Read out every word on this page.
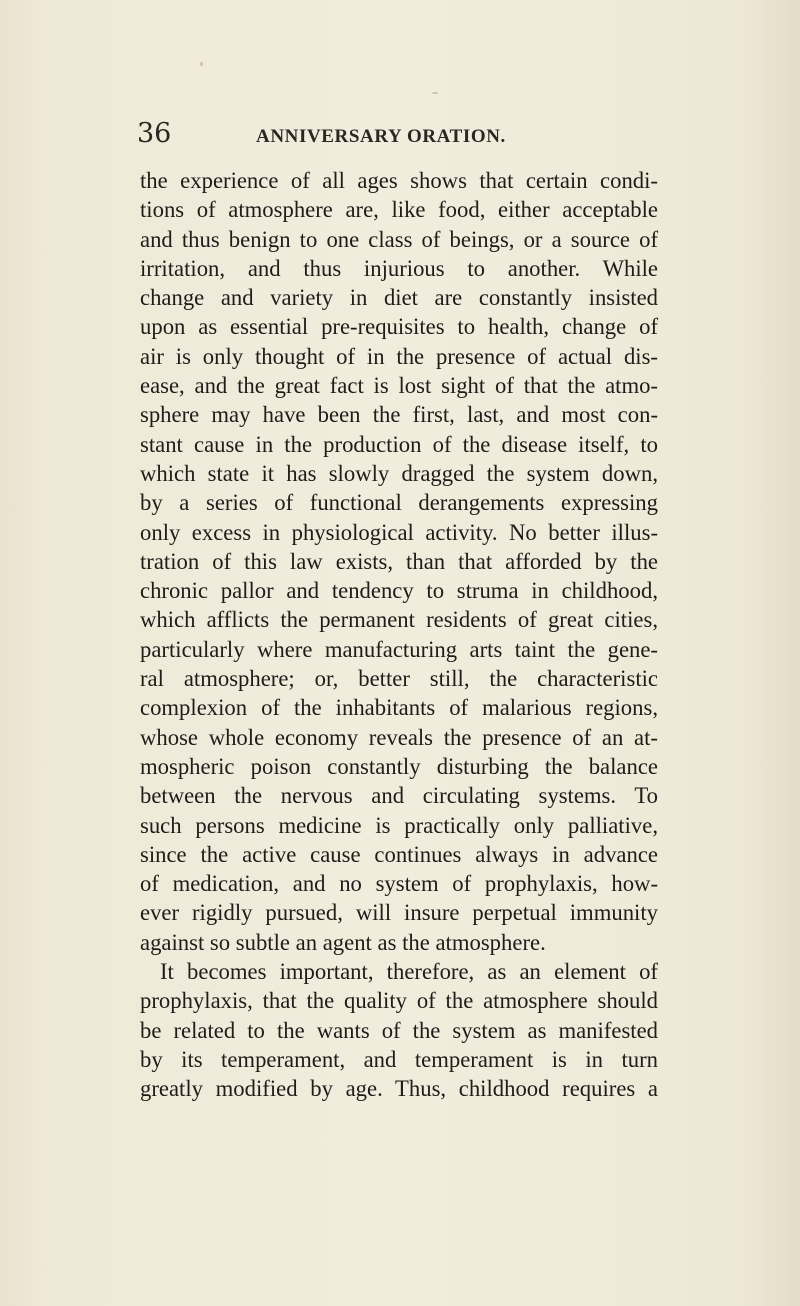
36	ANNIVERSARY ORATION.
the experience of all ages shows that certain condi-
tions of atmosphere are, like food, either acceptable
and thus benign to one class of beings, or a source of
irritation, and thus injurious to another. While
change and variety in diet are constantly insisted
upon as essential pre-requisites to health, change of
air is only thought of in the presence of actual dis-
ease, and the great fact is lost sight of that the atmo-
sphere may have been the first, last, and most con-
stant cause in the production of the disease itself, to
which state it has slowly dragged the system down,
by a series of functional derangements expressing
only excess in physiological activity. No better illus-
tration of this law exists, than that afforded by the
chronic pallor and tendency to struma in childhood,
which afflicts the permanent residents of great cities,
particularly where manufacturing arts taint the gene-
ral atmosphere; or, better still, the characteristic
complexion of the inhabitants of malarious regions,
whose whole economy reveals the presence of an at-
mospheric poison constantly disturbing the balance
between the nervous and circulating systems. To
such persons medicine is practically only palliative,
since the active cause continues always in advance
of medication, and no system of prophylaxis, how-
ever rigidly pursued, will insure perpetual immunity
against so subtle an agent as the atmosphere.
It becomes important, therefore, as an element of
prophylaxis, that the quality of the atmosphere should
be related to the wants of the system as manifested
by its temperament, and temperament is in turn
greatly modified by age. Thus, childhood requires a
